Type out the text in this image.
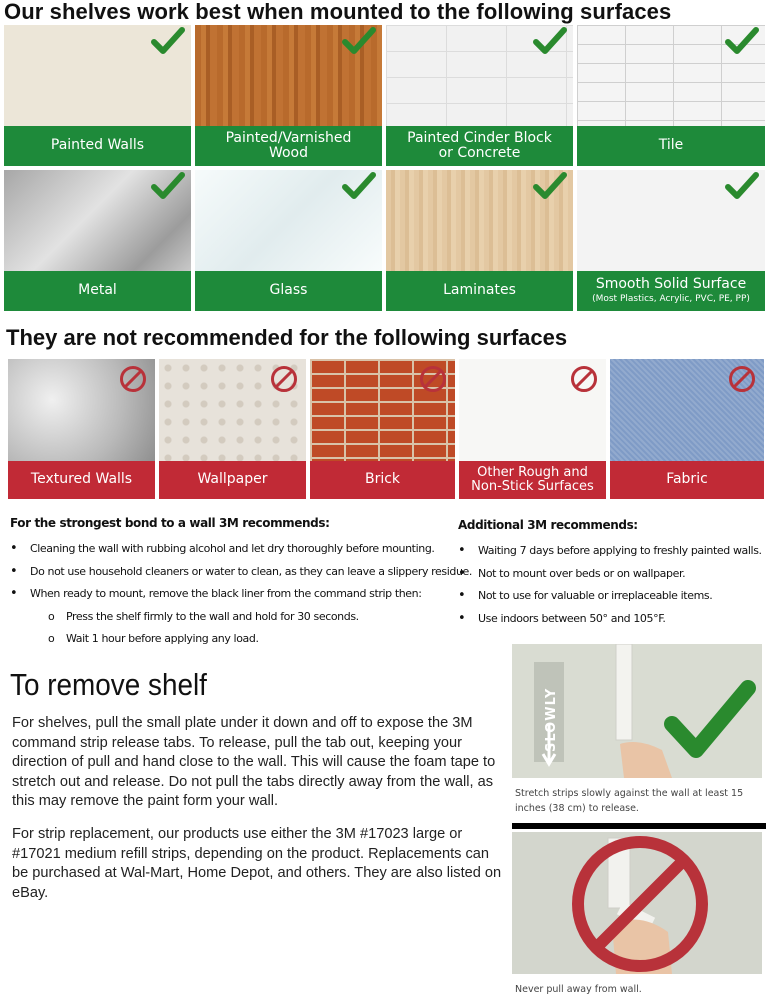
Our shelves work best when mounted to the following surfaces
Painted Walls	Painted/Varnished Wood
Painted Cinder Block or Concrete	Tile
Metal	Glass	Laminates	Smooth Solid Surface
(Most Plastics, Acrylic, PVC, PE, PP)
They are not recommended for the following surfaces
Textured Walls	Wallpaper	Brick	Other Rough and Non-Stick Surfaces	Fabric
For the strongest bond to a wall 3M recommends:
• Cleaning the wall with rubbing alcohol and let dry thoroughly before mounting.
• Do not use household cleaners or water to clean, as they can leave a slippery residue.
• When ready to mount, remove the black liner from the command strip then:
o Press the shelf firmly to the wall and hold for 30 seconds.
o Wait 1 hour before applying any load.
Additional 3M recommends:
• Waiting 7 days before applying to freshly painted walls.
• Not to mount over beds or on wallpaper.
• Not to use for valuable or irreplaceable items.
• Use indoors between 50° and 105°F.
To remove shelf

For shelves, pull the small plate under it down and off to expose the 3M command strip release tabs. To release, pull the tab out, keeping your direction of pull and hand close to the wall. This will cause the foam tape to stretch out and release. Do not pull the tabs directly away from the wall, as this may remove the paint form your wall.

For strip replacement, our products use either the 3M #17023 large or #17021 medium refill strips, depending on the product. Replacements can be purchased at Wal-Mart, Home Depot, and others. They are also listed on eBay.

SLOWLY
Stretch strips slowly against the wall at least 15 inches (38 cm) to release.
Never pull away from wall.
